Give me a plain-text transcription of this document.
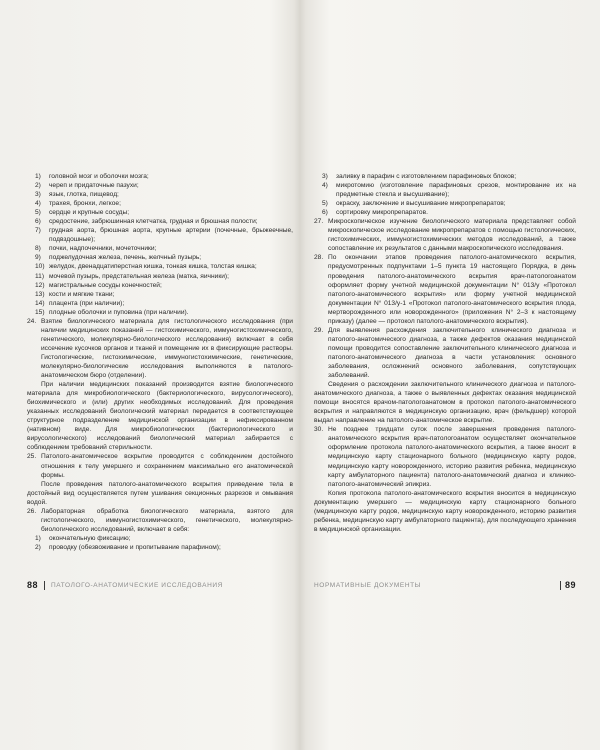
1)	головной мозг и оболочки мозга;
2)	череп и придаточные пазухи;
3)	язык, глотка, пищевод;
4)	трахея, бронхи, легкое;
5)	сердце и крупные сосуды;
6)	средостение, забрюшинная клетчатка, грудная и брюшная полости;
7)	грудная аорта, брюшная аорта, крупные артерии (почечные, брыжеечные, подвздошные);
8)	почки, надпочечники, мочеточники;
9)	поджелудочная железа, печень, желчный пузырь;
10) желудок, двенадцатиперстная кишка, тонкая кишка, толстая кишка;
11) мочевой пузырь, предстательная железа (матка, яичники);
12) магистральные сосуды конечностей;
13) кости и мягкие ткани;
14) плацента (при наличии);
15) плодные оболочки и пуповина (при наличии).
24. Взятие биологического материала для гистологического исследования (при наличии медицинских показаний — гистохимического, иммуногистохимического, генетического, молекулярно-биологического исследования) включает в себя иссечение кусочков органов и тканей и помещение их в фиксирующие растворы. Гистологические, гистохимические, иммуногистохимические, генетические, молекулярно-биологические исследования выполняются в патолого-анатомическом бюро (отделении).
При наличии медицинских показаний производится взятие биологического материала для микробиологического (бактериологического, вирусологического), биохимического и (или) других необходимых исследований. Для проведения указанных исследований биологический материал передается в соответствующее структурное подразделение медицинской организации в нефиксированном (нативном) виде. Для микробиологических (бактериологического и вирусологического) исследований биологический материал забирается с соблюдением требований стерильности.
25. Патолого-анатомическое вскрытие проводится с соблюдением достойного отношения к телу умершего и сохранением максимально его анатомической формы.
После проведения патолого-анатомического вскрытия приведение тела в достойный вид осуществляется путем ушивания секционных разрезов и омывания водой.
26. Лабораторная обработка биологического материала, взятого для гистологического, иммуногистохимического, генетического, молекулярно-биологического исследований, включает в себя:
1)	окончательную фиксацию;
2)	проводку (обезвоживание и пропитывание парафином);
3)	заливку в парафин с изготовлением парафиновых блоков;
4)	микротомию (изготовление парафиновых срезов, монтирование их на предметные стекла и высушивание);
5)	окраску, заключение и высушивание микропрепаратов;
6)	сортировку микропрепаратов.
27. Микроскопическое изучение биологического материала представляет собой микроскопическое исследование микропрепаратов с помощью гистологических, гистохимических, иммуногистохимических методов исследований, а также сопоставление их результатов с данными макроскопического исследования.
28. По окончании этапов проведения патолого-анатомического вскрытия, предусмотренных подпунктами 1–5 пункта 19 настоящего Порядка, в день проведения патолого-анатомического вскрытия врач-патологоанатом оформляет форму учетной медицинской документации N° 013/у «Протокол патолого-анатомического вскрытия» или форму учетной медицинской документации N° 013/у-1 «Протокол патолого-анатомического вскрытия плода, мертворожденного или новорожденного» (приложения N° 2–3 к настоящему приказу) (далее — протокол патолого-анатомического вскрытия).
29. Для выявления расхождения заключительного клинического диагноза и патолого-анатомического диагноза, а также дефектов оказания медицинской помощи проводится сопоставление заключительного клинического диагноза и патолого-анатомического диагноза в части установления: основного заболевания, осложнений основного заболевания, сопутствующих заболеваний.
Сведения о расхождении заключительного клинического диагноза и патолого-анатомического диагноза, а также о выявленных дефектах оказания медицинской помощи вносятся врачом-патологоанатомом в протокол патолого-анатомического вскрытия и направляются в медицинскую организацию, врач (фельдшер) которой выдал направление на патолого-анатомическое вскрытие.
30. Не позднее тридцати суток после завершения проведения патолого-анатомического вскрытия врач-патологоанатом осуществляет окончательное оформление протокола патолого-анатомического вскрытия, а также вносит в медицинскую карту стационарного больного (медицинскую карту родов, медицинскую карту новорожденного, историю развития ребенка, медицинскую карту амбулаторного пациента) патолого-анатомический диагноз и клинико-патолого-анатомический эпикриз.
Копия протокола патолого-анатомического вскрытия вносится в медицинскую документацию умершего — медицинскую карту стационарного больного (медицинскую карту родов, медицинскую карту новорожденного, историю развития ребенка, медицинскую карту амбулаторного пациента), для последующего хранения в медицинской организации.
88 ПАТОЛОГО-АНАТОМИЧЕСКИЕ ИССЛЕДОВАНИЯ	НОРМАТИВНЫЕ ДОКУМЕНТЫ	89
